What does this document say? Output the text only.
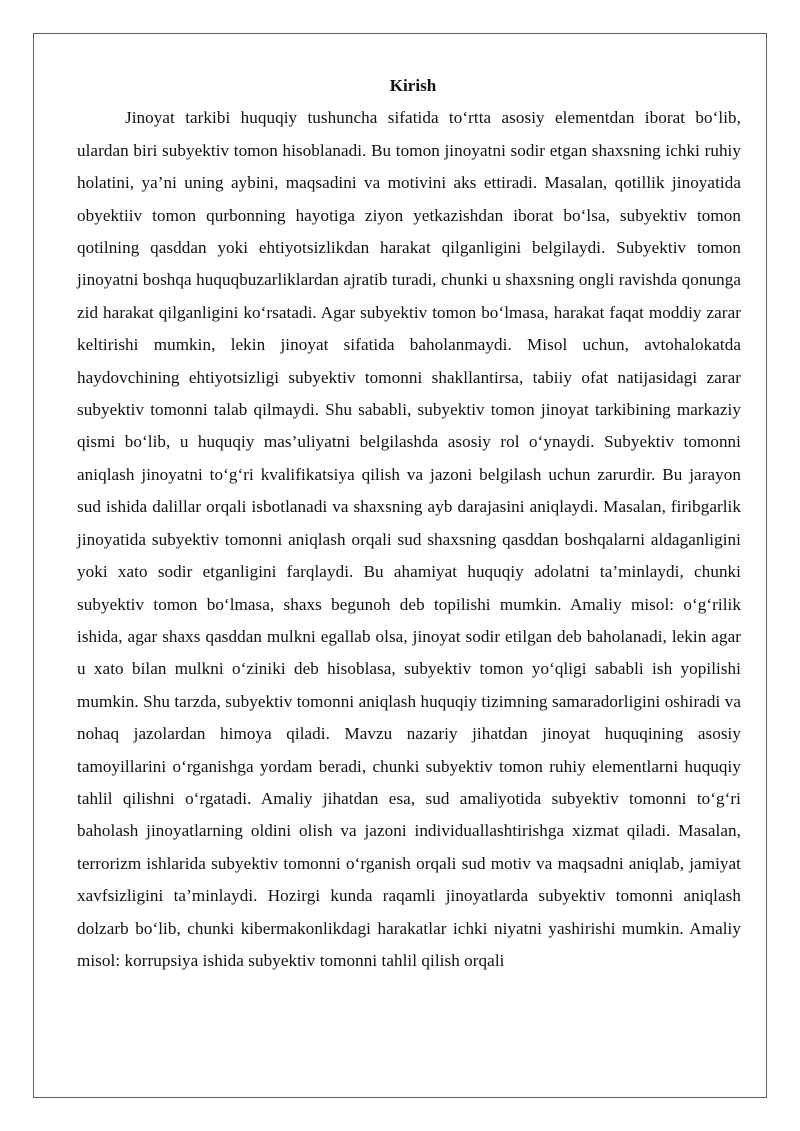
Kirish

Jinoyat tarkibi huquqiy tushuncha sifatida to‘rtta asosiy elementdan iborat bo‘lib, ulardan biri subyektiv tomon hisoblanadi. Bu tomon jinoyatni sodir etgan shaxsning ichki ruhiy holatini, ya’ni uning aybini, maqsadini va motivini aks ettiradi. Masalan, qotillik jinoyatida obyektiiv tomon qurbonning hayotiga ziyon yetkazishdan iborat bo‘lsa, subyektiv tomon qotilning qasddan yoki ehtiyotsizlikdan harakat qilganligini belgilaydi. Subyektiv tomon jinoyatni boshqa huquqbuzarliklardan ajratib turadi, chunki u shaxsning ongli ravishda qonunga zid harakat qilganligini ko‘rsatadi. Agar subyektiv tomon bo‘lmasa, harakat faqat moddiy zarar keltirishi mumkin, lekin jinoyat sifatida baholanmaydi. Misol uchun, avtohalokatda haydovchining ehtiyotsizligi subyektiv tomonni shakllantirsa, tabiiy ofat natijasidagi zarar subyektiv tomonni talab qilmaydi. Shu sababli, subyektiv tomon jinoyat tarkibining markaziy qismi bo‘lib, u huquqiy mas’uliyatni belgilashda asosiy rol o‘ynaydi. Subyektiv tomonni aniqlash jinoyatni to‘g‘ri kvalifikatsiya qilish va jazoni belgilash uchun zarurdir. Bu jarayon sud ishida dalillar orqali isbotlanadi va shaxsning ayb darajasini aniqlaydi. Masalan, firibgarlik jinoyatida subyektiv tomonni aniqlash orqali sud shaxsning qasddan boshqalarni aldaganligini yoki xato sodir etganligini farqlaydi. Bu ahamiyat huquqiy adolatni ta’minlaydi, chunki subyektiv tomon bo‘lmasa, shaxs begunoh deb topilishi mumkin. Amaliy misol: o‘g‘rilik ishida, agar shaxs qasddan mulkni egallab olsa, jinoyat sodir etilgan deb baholanadi, lekin agar u xato bilan mulkni o‘ziniki deb hisoblasa, subyektiv tomon yo‘qligi sababli ish yopilishi mumkin. Shu tarzda, subyektiv tomonni aniqlash huquqiy tizimning samaradorligini oshiradi va nohaq jazolardan himoya qiladi. Mavzu nazariy jihatdan jinoyat huquqining asosiy tamoyillarini o‘rganishga yordam beradi, chunki subyektiv tomon ruhiy elementlarni huquqiy tahlil qilishni o‘rgatadi. Amaliy jihatdan esa, sud amaliyotida subyektiv tomonni to‘g‘ri baholash jinoyatlarning oldini olish va jazoni individuallashtirishga xizmat qiladi. Masalan, terrorizm ishlarida subyektiv tomonni o‘rganish orqali sud motiv va maqsadni aniqlab, jamiyat xavfsizligini ta’minlaydi. Hozirgi kunda raqamli jinoyatlarda subyektiv tomonni aniqlash dolzarb bo‘lib, chunki kibermakonlikdagi harakatlar ichki niyatni yashirishi mumkin. Amaliy misol: korrupsiya ishida subyektiv tomonni tahlil qilish orqali
